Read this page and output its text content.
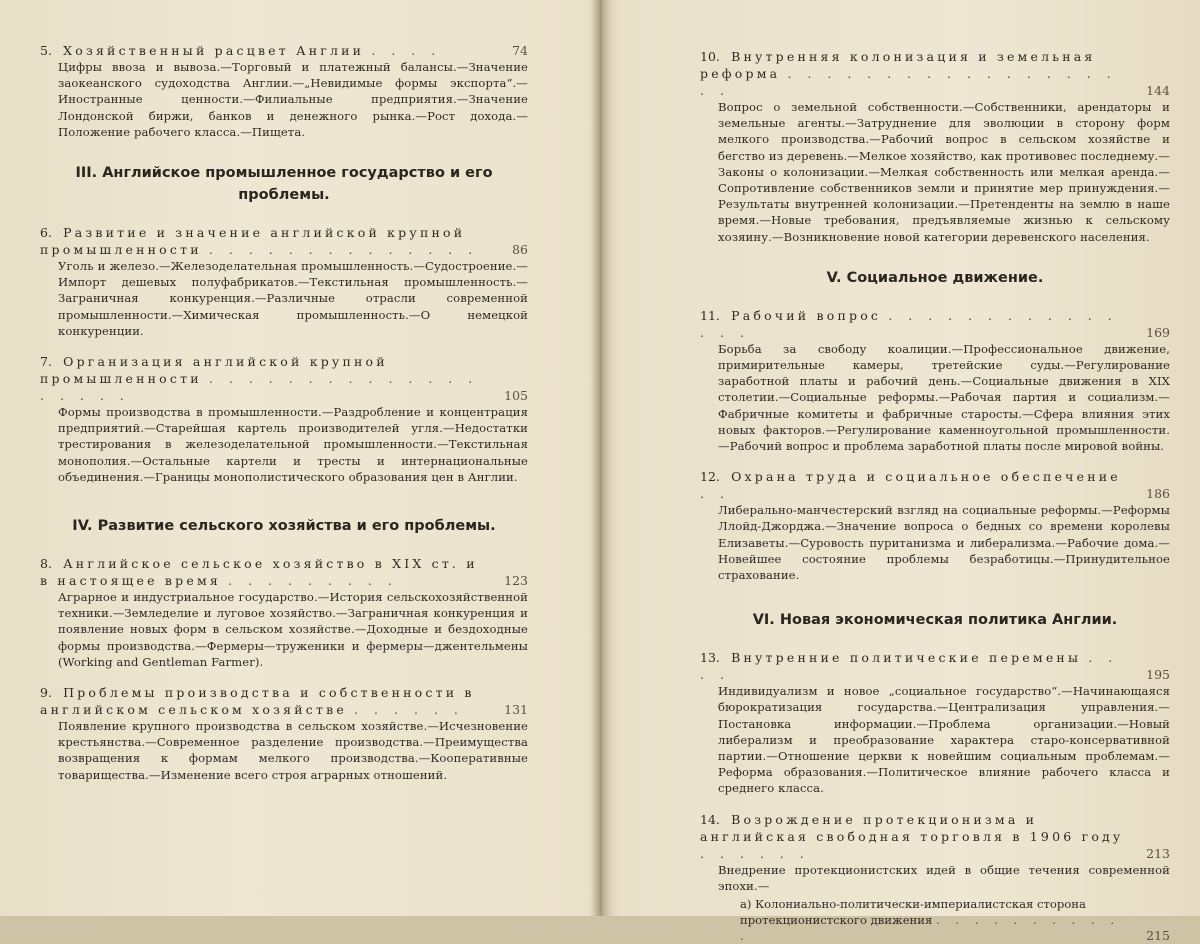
5. Хозяйственный расцвет Англии . . . .	74
Цифры ввоза и вывоза.—Торговый и платежный балансы.—Значение заокеанского судоходства Англии.—„Невидимые формы экспорта“.—Иностранные ценности.—Филиальные предприятия.—Значение Лондонской биржи, банков и денежного рынка.—Рост дохода.—Положение рабочего класса.—Пищета.
III. Английское промышленное государство и его проблемы.
6. Развитие и значение английской крупной промышленности . . . . . . . . . . . . . .	86
Уголь и железо.—Железоделательная промышленность.—Судостроение.—Импорт дешевых полуфабрикатов.—Текстильная промышленность.—Заграничная конкуренция.—Различные отрасли современной промышленности.—Химическая промышленность.—О немецкой конкуренции.
7. Организация английской крупной промышленности . . . . . . . . . . . . . . . . . . .	105
Формы производства в промышленности.—Раздробление и концентрация предприятий.—Старейшая картель производителей угля.—Недостатки трестирования в железоделательной промышленности.—Текстильная монополия.—Остальные картели и тресты и интернациональные объединения.—Границы монополистического образования цен в Англии.
IV. Развитие сельского хозяйства и его проблемы.
8. Английское сельское хозяйство в XIX ст. и в настоящее время . . . . . . . . .	123
Аграрное и индустриальное государство.—История сельскохозяйственной техники.—Земледелие и луговое хозяйство.—Заграничная конкуренция и появление новых форм в сельском хозяйстве.—Доходные и бездоходные формы производства.—Фермеры—труженики и фермеры—джентельмены (Working and Gentleman Farmer).
9. Проблемы производства и собственности в английском сельском хозяйстве . . . . . .	131
Появление крупного производства в сельском хозяйстве.—Исчезновение крестьянства.—Современное разделение производства.—Преимущества возвращения к формам мелкого производства.—Кооперативные товарищества.—Изменение всего строя аграрных отношений.
10. Внутренняя колонизация и земельная реформа . . . . . . . . . . . . . . . . . . .	144
Вопрос о земельной собственности.—Собственники, арендаторы и земельные агенты.—Затруднение для эволюции в сторону форм мелкого производства.—Рабочий вопрос в сельском хозяйстве и бегство из деревень.—Мелкое хозяйство, как противовес последнему.—Законы о колонизации.—Мелкая собственность или мелкая аренда.—Сопротивление собственников земли и принятие мер принуждения.—Результаты внутренней колонизации.—Претенденты на землю в наше время.—Новые требования, предъявляемые жизнью к сельскому хозяину.—Возникновение новой категории деревенского населения.
V. Социальное движение.
11. Рабочий вопрос . . . . . . . . . . . . . . .	169
Борьба за свободу коалиции.—Профессиональное движение, примирительные камеры, третейские суды.—Регулирование заработной платы и рабочий день.—Социальные движения в XIX столетии.—Социальные реформы.—Рабочая партия и социализм.—Фабричные комитеты и фабричные старосты.—Сфера влияния этих новых факторов.—Регулирование каменноугольной промышленности.—Рабочий вопрос и проблема заработной платы после мировой войны.
12. Охрана труда и социальное обеспечение . .	186
Либерально-манчестерский взгляд на социальные реформы.—Реформы Ллойд-Джорджа.—Значение вопроса о бедных со времени королевы Елизаветы.—Суровость пуританизма и либерализма.—Рабочие дома.—Новейшее состояние проблемы безработицы.—Принудительное страхование.
VI. Новая экономическая политика Англии.
13. Внутренние политические перемены . . . .	195
Индивидуализм и новое „социальное государство“.—Начинающаяся бюрократизация государства.—Централизация управления.—Постановка информации.—Проблема организации.—Новый либерализм и преобразование характера старо-консервативной партии.—Отношение церкви к новейшим социальным проблемам.—Реформа образования.—Политическое влияние рабочего класса и среднего класса.
14. Возрождение протекционизма и английская свободная торговля в 1906 году . . . . . .	213
Внедрение протекционистских идей в общие течения современной эпохи.—
а) Колониально-политически-империалистская сторона протекционистского движения . . . . . . . . . . .	215
